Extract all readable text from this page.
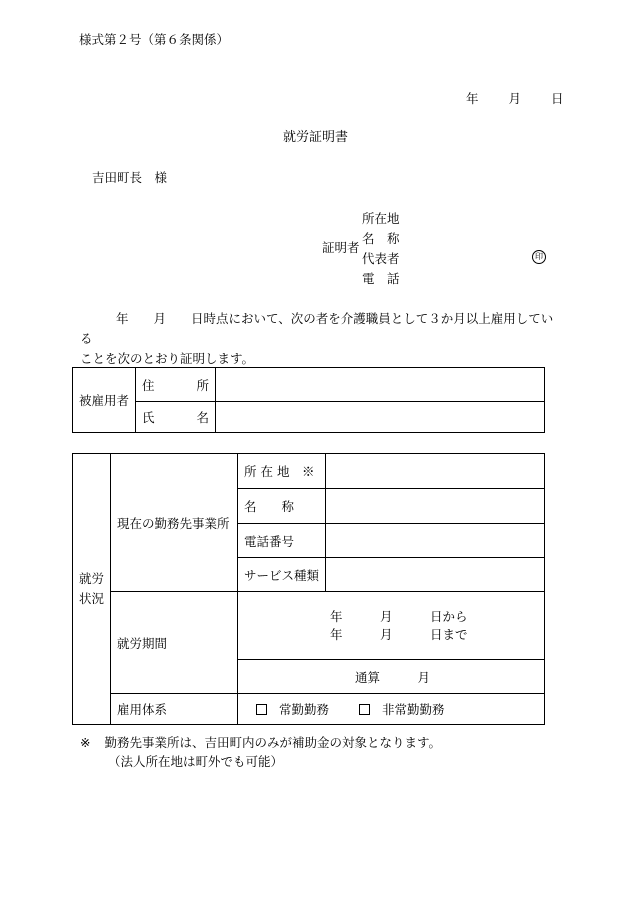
様式第２号（第６条関係）
年 月 日
就労証明書
吉田町長　様
証明者
所在地
名　称
代表者
電　話
印
年　　月　　日時点において、次の者を介護職員として３か月以上雇用している
ことを次のとおり証明します。
被雇用者	住 所	

	氏 名	

就労
状況	現在の勤務先事業所	所 在 地　※	
		名　　称	
		電話番号	
		サービス種類	
	就労期間	年　　　月　　　日から
年　　　月　　　日まで	

		通算　　　月	
	雇用体系	常勤勤務 非常勤勤務	
※ 勤務先事業所は、吉田町内のみが補助金の対象となります。
（法人所在地は町外でも可能）
